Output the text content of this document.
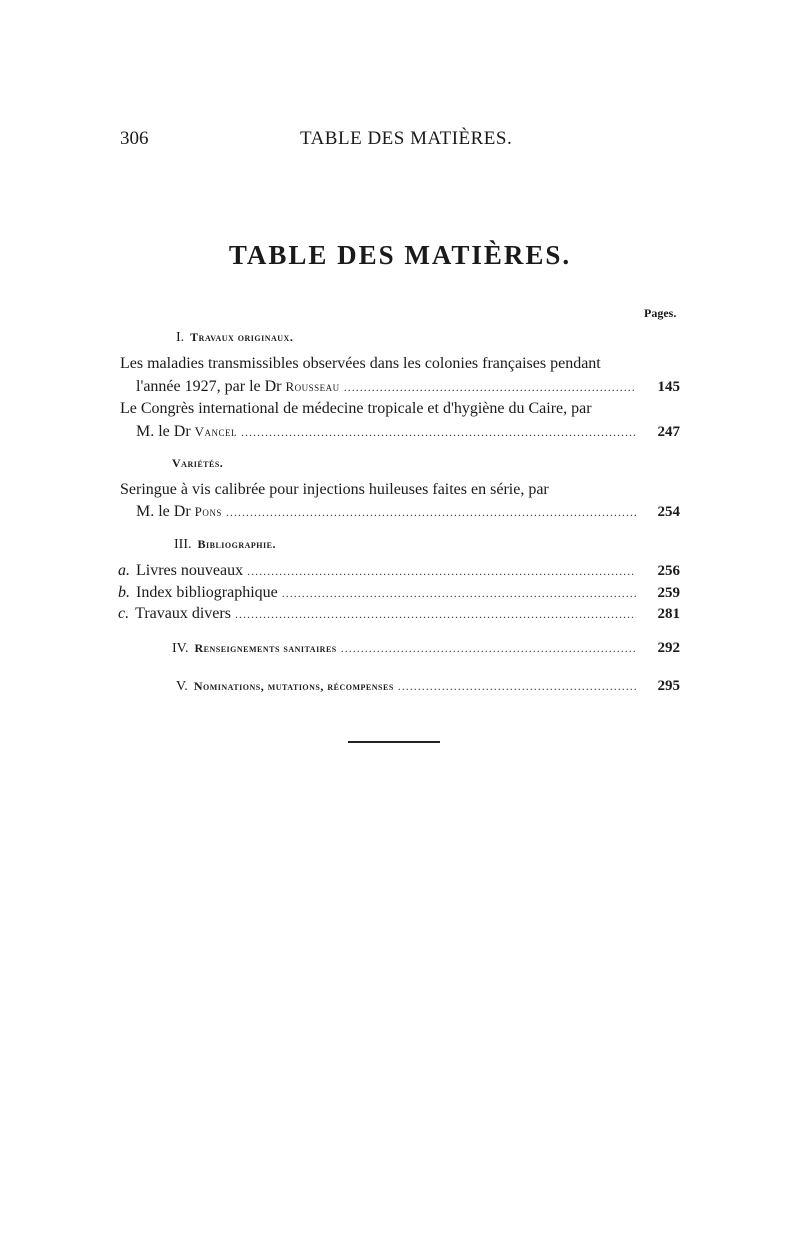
306	TABLE DES MATIÈRES.
TABLE DES MATIÈRES.
Pages.
I. Travaux originaux.
Les maladies transmissibles observées dans les colonies françaises pendant
l'année 1927, par le Dr Rousseau .....	145
Le Congrès international de médecine tropicale et d'hygiène du Caire, par
M. le Dr Vancel .....	247
Variétés.
Seringue à vis calibrée pour injections huileuses faites en série, par
M. le Dr Pons .....	254
III. Bibliographie.
a. Livres nouveaux .....	256
b. Index bibliographique .....	259
c. Travaux divers .....	281
IV. Renseignements sanitaires .....	292
V. Nominations, mutations, récompenses .....	295
